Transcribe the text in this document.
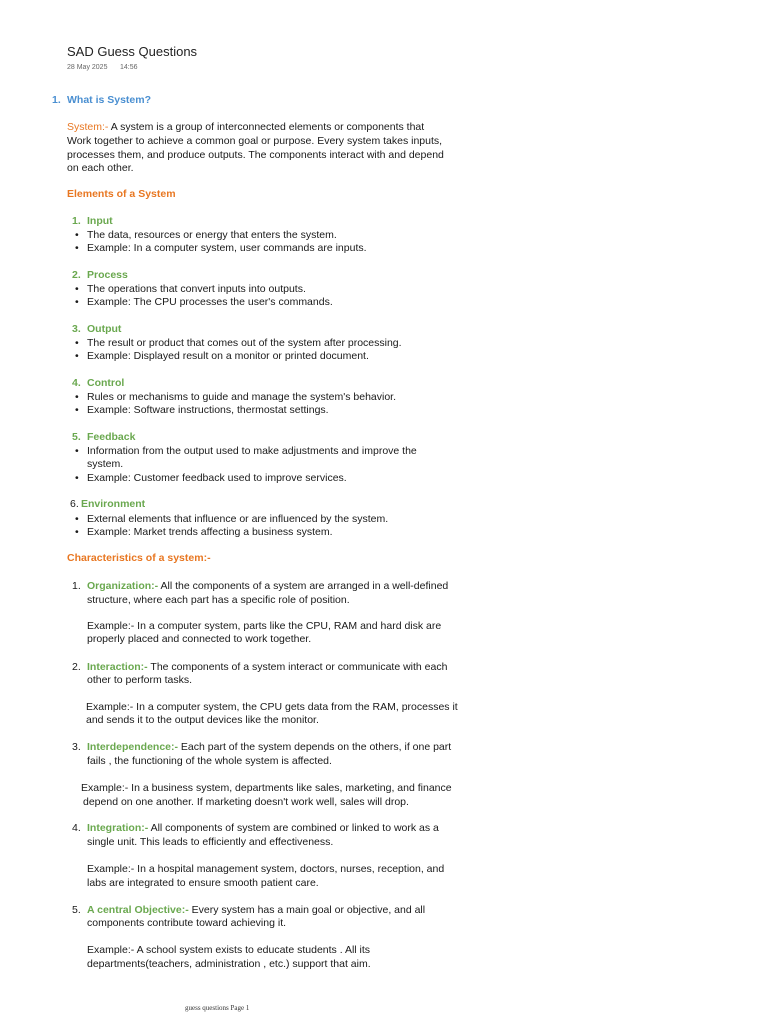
SAD Guess Questions
28 May 2025 14:56
1. What is System?
System:- A system is a group of interconnected elements or components that
Work together to achieve a common goal or purpose. Every system takes inputs,
processes them, and produce outputs. The components interact with and depend
on each other.
Elements of a System
1. Input
• The data, resources or energy that enters the system.
• Example: In a computer system, user commands are inputs.
2. Process
• The operations that convert inputs into outputs.
• Example: The CPU processes the user's commands.
3. Output
• The result or product that comes out of the system after processing.
• Example: Displayed result on a monitor or printed document.
4. Control
• Rules or mechanisms to guide and manage the system's behavior.
• Example: Software instructions, thermostat settings.
5. Feedback
• Information from the output used to make adjustments and improve the
system.
• Example: Customer feedback used to improve services.
6. Environment
• External elements that influence or are influenced by the system.
• Example: Market trends affecting a business system.
Characteristics of a system:-
1. Organization:- All the components of a system are arranged in a well-defined
structure, where each part has a specific role of position.
Example:- In a computer system, parts like the CPU, RAM and hard disk are
properly placed and connected to work together.
2. Interaction:- The components of a system interact or communicate with each
other to perform tasks.
Example:- In a computer system, the CPU gets data from the RAM, processes it
and sends it to the output devices like the monitor.
3. Interdependence:- Each part of the system depends on the others, if one part
fails , the functioning of the whole system is affected.
Example:- In a business system, departments like sales, marketing, and finance
depend on one another. If marketing doesn't work well, sales will drop.
4. Integration:- All components of system are combined or linked to work as a
single unit. This leads to efficiently and effectiveness.
Example:- In a hospital management system, doctors, nurses, reception, and
labs are integrated to ensure smooth patient care.
5. A central Objective:- Every system has a main goal or objective, and all
components contribute toward achieving it.
Example:- A school system exists to educate students . All its
departments(teachers, administration , etc.) support that aim.
guess questions Page 1
